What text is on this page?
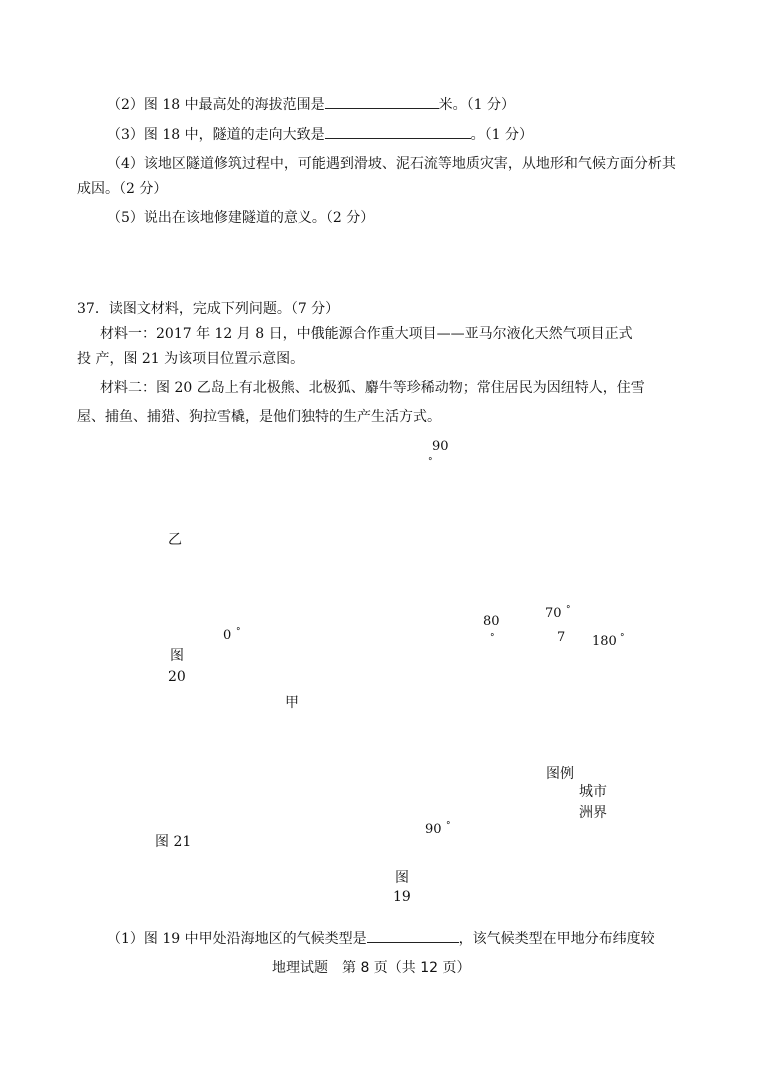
（2）图 18 中最高处的海拔范围是	米。（1 分）
（3）图 18 中，隧道的走向大致是	。（1 分）
（4）该地区隧道修筑过程中，可能遇到滑坡、泥石流等地质灾害，从地形和气候方面分析其
成因。（2 分）
（5）说出在该地修建隧道的意义。（2 分）
37．读图文材料，完成下列问题。（7 分）
材料一：2017 年 12 月 8 日，中俄能源合作重大项目——亚马尔液化天然气项目正式
投 产，图 21 为该项目位置示意图。
材料二：图 20 乙岛上有北极熊、北极狐、麝牛等珍稀动物；常住居民为因纽特人，住雪
屋、捕鱼、捕猎、狗拉雪橇，是他们独特的生产生活方式。
90
°
乙
70 °
80
°	7 180 °
0 °
图
20
甲
图例
城市
洲界
90 °
图 21
图
19
（1）图 19 中甲处沿海地区的气候类型是	，该气候类型在甲地分布纬度较
地理试题　第 8 页（共 12 页）
